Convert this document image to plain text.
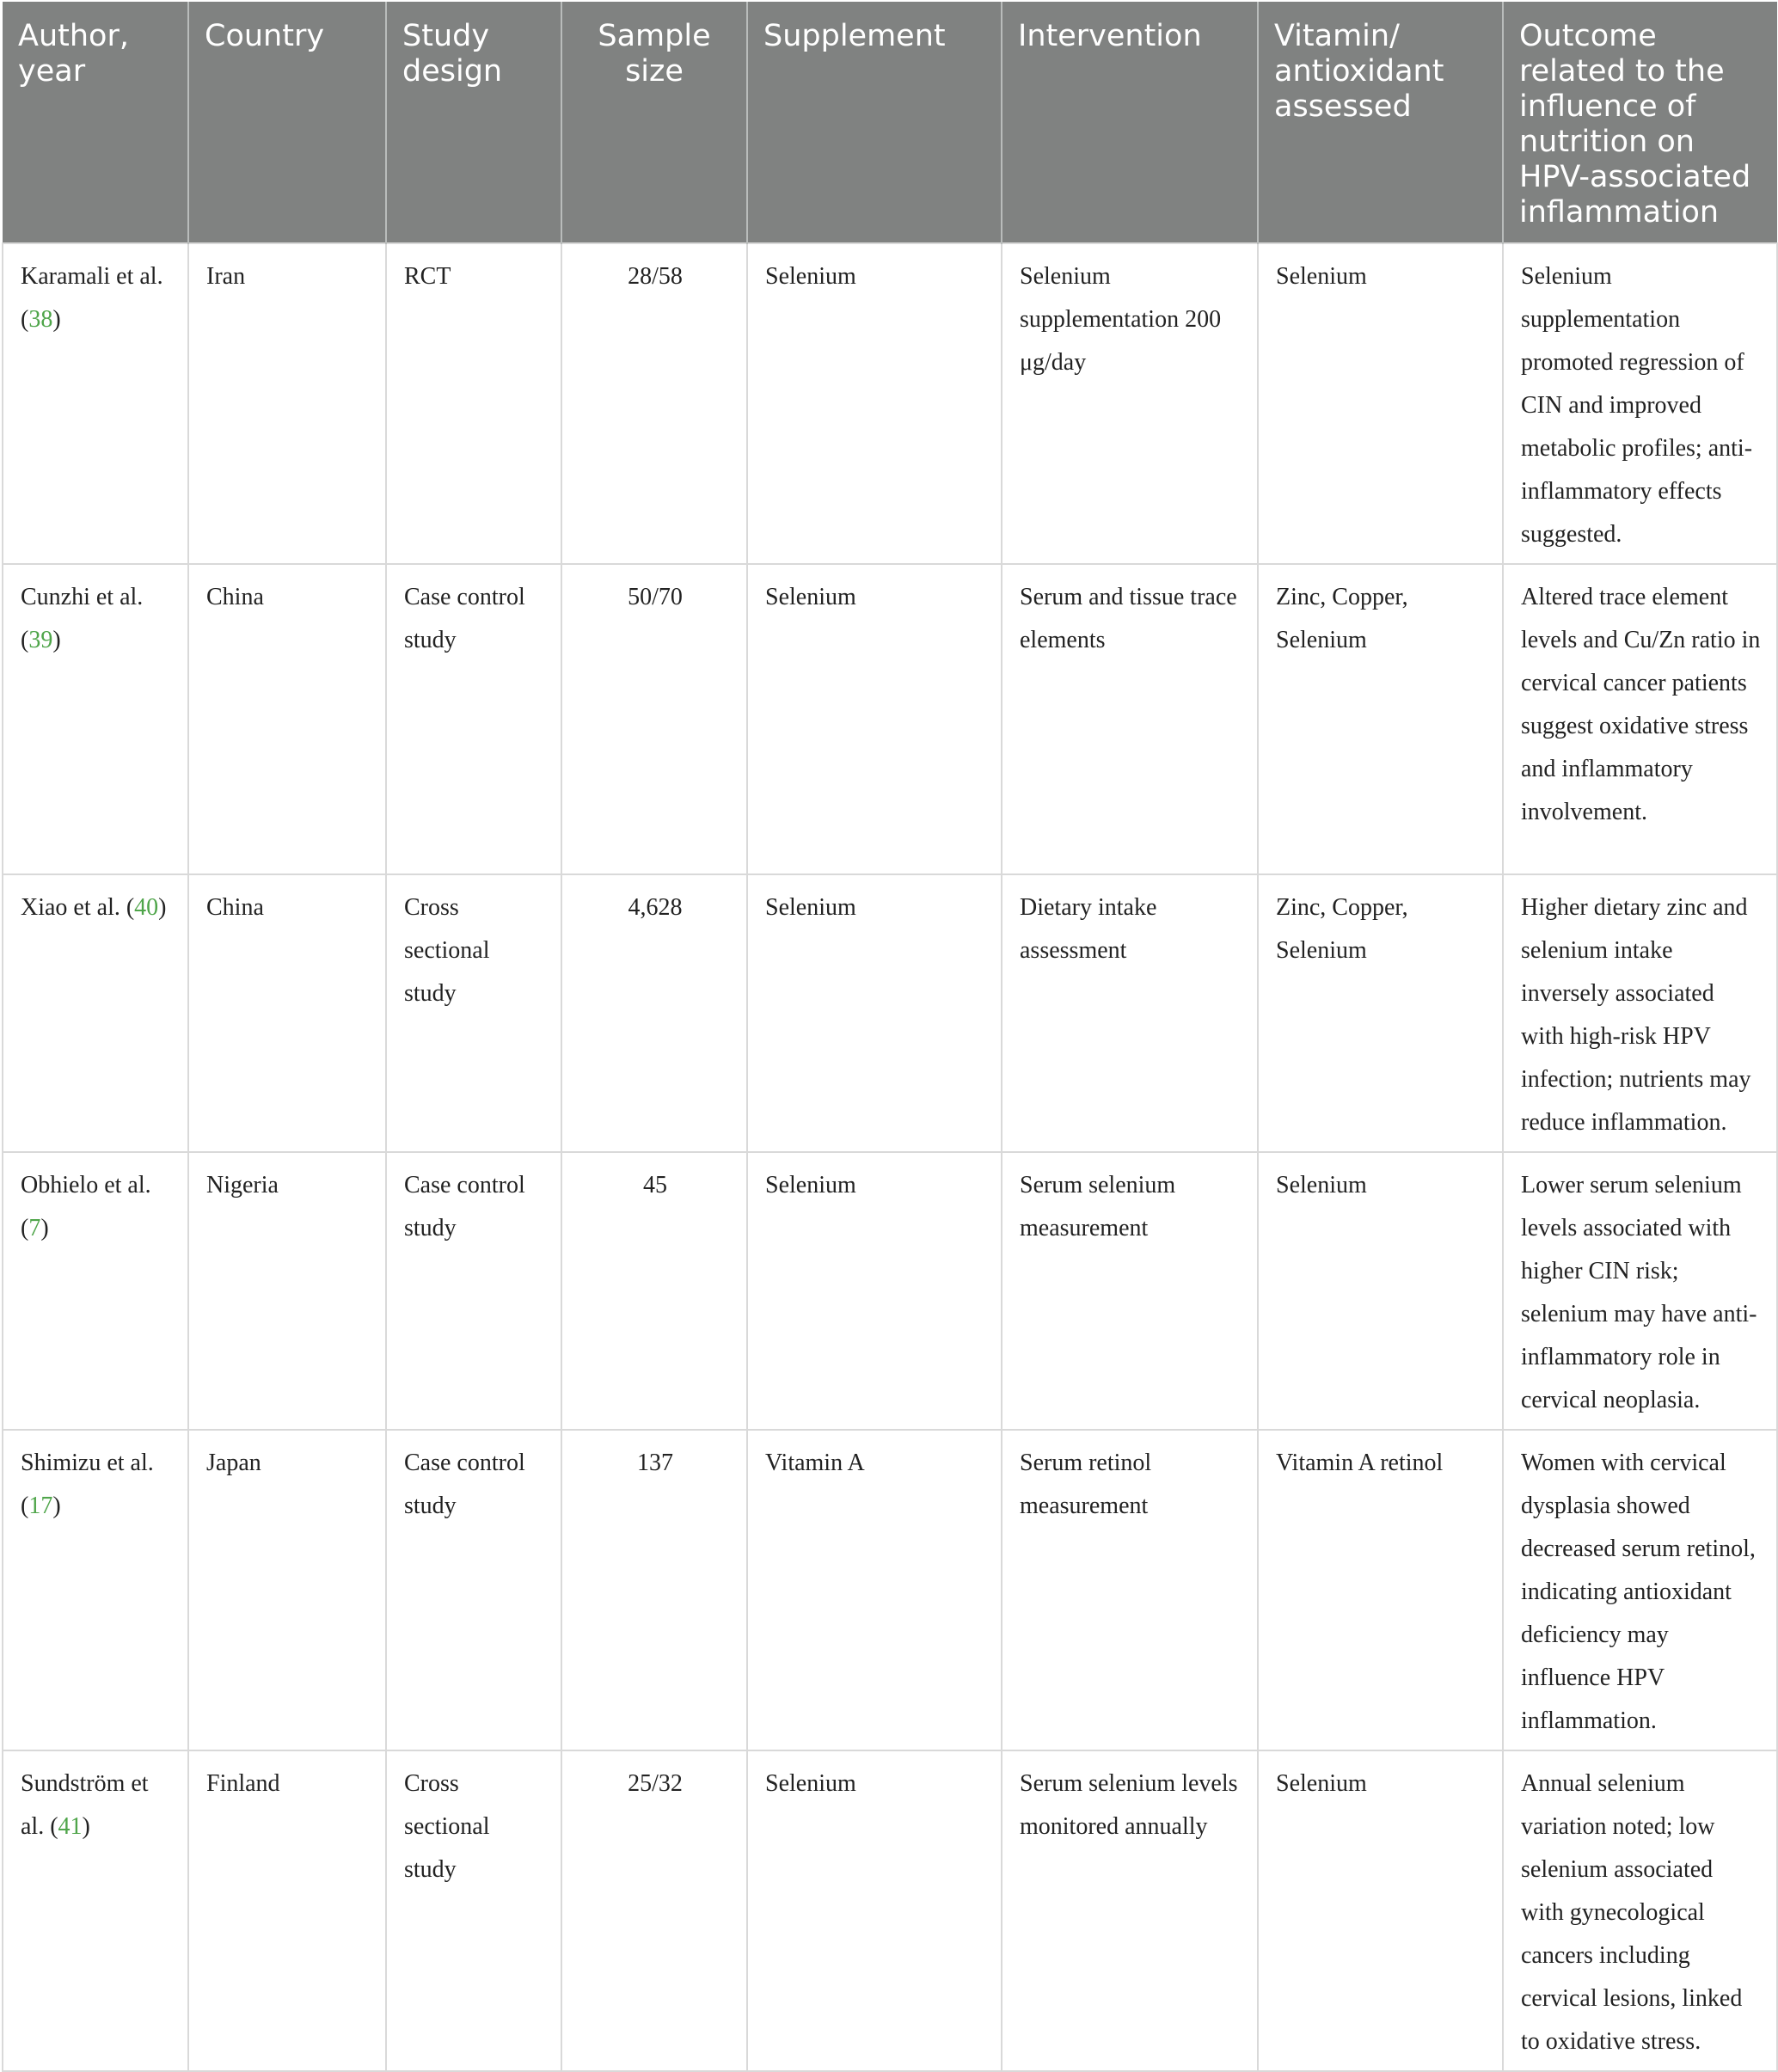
Author, year	Country	Study design	Sample size	Supplement	Intervention	Vitamin/ antioxidant assessed	Outcome related to the influence of nutrition on HPV-associated inflammation
Karamali et al. (38)	Iran	RCT	28/58	Selenium	Selenium supplementation 200 μg/day	Selenium	Selenium supplementation promoted regression of CIN and improved metabolic profiles; anti-inflammatory effects suggested.
Cunzhi et al. (39)	China	Case control study	50/70	Selenium	Serum and tissue trace elements	Zinc, Copper, Selenium	Altered trace element levels and Cu/Zn ratio in cervical cancer patients suggest oxidative stress and inflammatory involvement.
Xiao et al. (40)	China	Cross sectional study	4,628	Selenium	Dietary intake assessment	Zinc, Copper, Selenium	Higher dietary zinc and selenium intake inversely associated with high-risk HPV infection; nutrients may reduce inflammation.
Obhielo et al. (7)	Nigeria	Case control study	45	Selenium	Serum selenium measurement	Selenium	Lower serum selenium levels associated with higher CIN risk; selenium may have anti-inflammatory role in cervical neoplasia.
Shimizu et al. (17)	Japan	Case control study	137	Vitamin A	Serum retinol measurement	Vitamin A retinol	Women with cervical dysplasia showed decreased serum retinol, indicating antioxidant deficiency may influence HPV inflammation.
Sundström et al. (41)	Finland	Cross sectional study	25/32	Selenium	Serum selenium levels monitored annually	Selenium	Annual selenium variation noted; low selenium associated with gynecological cancers including cervical lesions, linked to oxidative stress.
